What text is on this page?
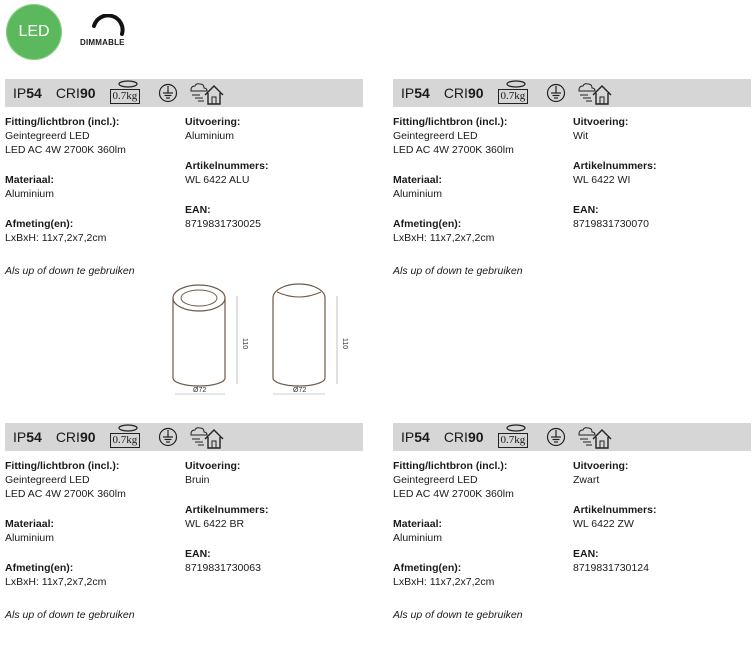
LED
DIMMABLE
IP54 CRI90 0.7kg
Fitting/lichtbron (incl.):
Geintegreerd LED
LED AC 4W 2700K 360lm
Materiaal:
Aluminium
Afmeting(en):
LxBxH: 11x7,2x7,2cm
Uitvoering:
Aluminium
Artikelnummers:
WL 6422 ALU
EAN:
8719831730025
Als up of down te gebruiken
IP54 CRI90 0.7kg
Fitting/lichtbron (incl.):
Geintegreerd LED
LED AC 4W 2700K 360lm
Materiaal:
Aluminium
Afmeting(en):
LxBxH: 11x7,2x7,2cm
Uitvoering:
Wit
Artikelnummers:
WL 6422 WI
EAN:
8719831730070
Als up of down te gebruiken
IP54 CRI90 0.7kg
Fitting/lichtbron (incl.):
Geintegreerd LED
LED AC 4W 2700K 360lm
Materiaal:
Aluminium
Afmeting(en):
LxBxH: 11x7,2x7,2cm
Uitvoering:
Bruin
Artikelnummers:
WL 6422 BR
EAN:
8719831730063
Als up of down te gebruiken
IP54 CRI90 0.7kg
Fitting/lichtbron (incl.):
Geintegreerd LED
LED AC 4W 2700K 360lm
Materiaal:
Aluminium
Afmeting(en):
LxBxH: 11x7,2x7,2cm
Uitvoering:
Zwart
Artikelnummers:
WL 6422 ZW
EAN:
8719831730124
Als up of down te gebruiken
110
Ø72
110
Ø72
